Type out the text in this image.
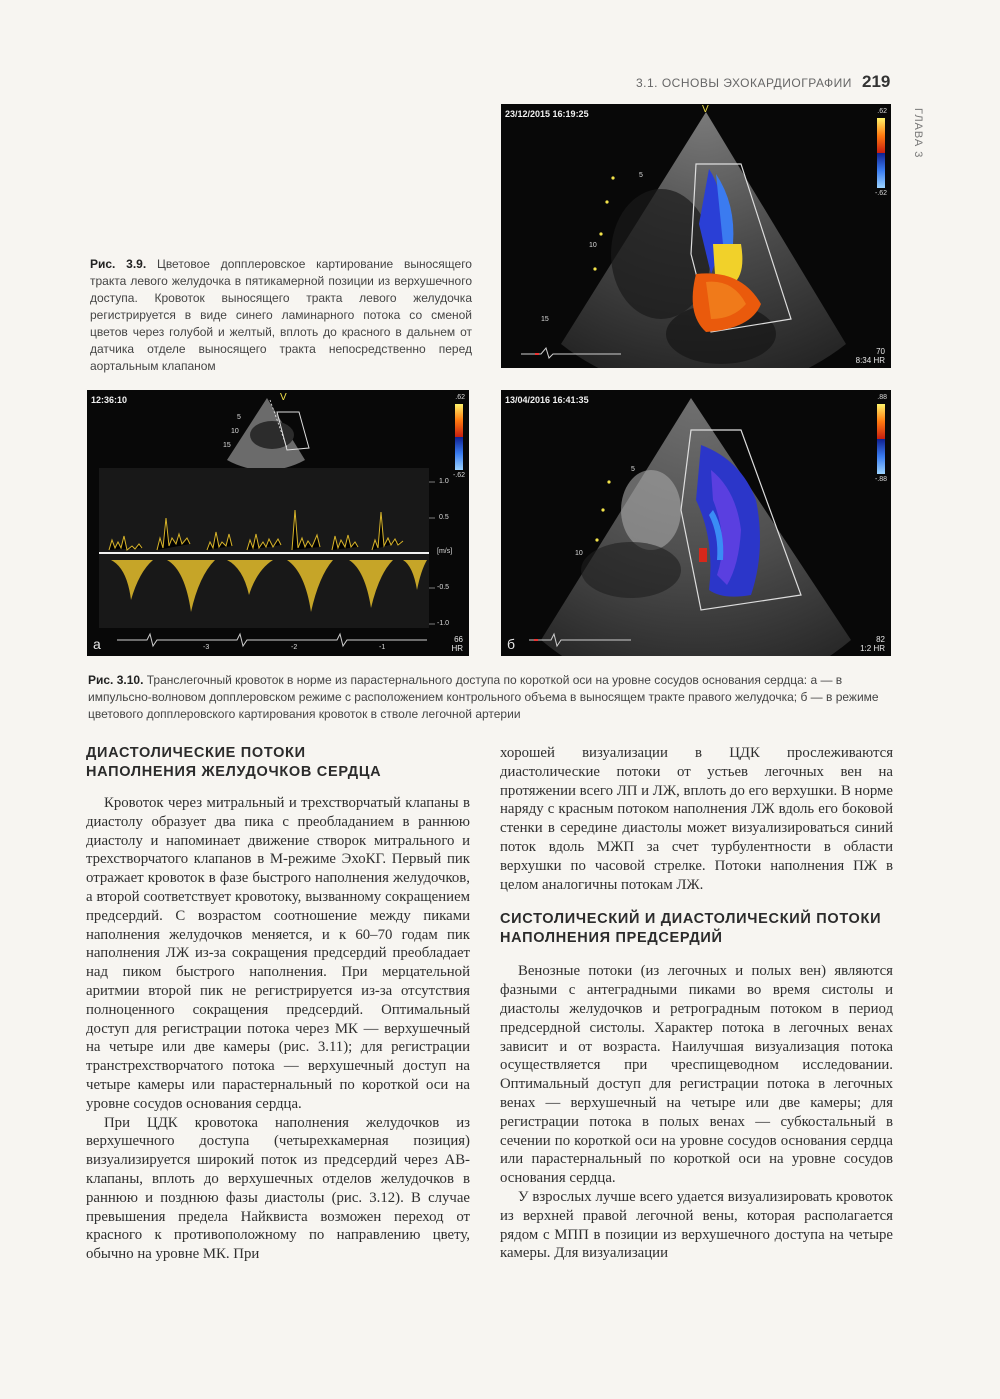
3.1. ОСНОВЫ ЭХОКАРДИОГРАФИИ 219
ГЛАВА 3
Рис. 3.9. Цветовое допплеровское картирование выносящего тракта левого желудочка в пятикамерной позиции из верхушечного доступа. Кровоток выносящего тракта левого желудочка регистрируется в виде синего ламинарного потока со сменой цветов через голубой и желтый, вплоть до красного в дальнем от датчика отделе выносящего тракта непосредственно перед аортальным клапаном
V
23/12/2015 16:19:25	.62
-.62
5
10
15
70
8:34 HR
V
12:36:10	.62
-.62
5
10
15
1.0
0.5
[m/s]
-0.5
-1.0
-3	-2	-1
а	66
HR
13/04/2016 16:41:35	.88
-.88
5
10
б	82
1:2 HR
Рис. 3.10. Транслегочный кровоток в норме из парастернального доступа по короткой оси на уровне сосудов основания сердца: а — в импульсно-волновом допплеровском режиме с расположением контрольного объема в выносящем тракте правого желудочка; б — в режиме цветового допплеровского картирования кровоток в стволе легочной артерии
ДИАСТОЛИЧЕСКИЕ ПОТОКИ НАПОЛНЕНИЯ ЖЕЛУДОЧКОВ СЕРДЦА

Кровоток через митральный и трехстворчатый клапаны в диастолу образует два пика с преобладанием в раннюю диастолу и напоминает движение створок митрального и трехстворчатого клапанов в М-режиме ЭхоКГ. Первый пик отражает кровоток в фазе быстрого наполнения желудочков, а второй соответствует кровотоку, вызванному сокращением предсердий. С возрастом соотношение между пиками наполнения желудочков меняется, и к 60–70 годам пик наполнения ЛЖ из-за сокращения предсердий преобладает над пиком быстрого наполнения. При мерцательной аритмии второй пик не регистрируется из-за отсутствия полноценного сокращения предсердий. Оптимальный доступ для регистрации потока через МК — верхушечный на четыре или две камеры (рис. 3.11); для регистрации транстрехстворчатого потока — верхушечный доступ на четыре камеры или парастернальный по короткой оси на уровне сосудов основания сердца.

При ЦДК кровотока наполнения желудочков из верхушечного доступа (четырехкамерная позиция) визуализируется широкий поток из предсердий через АВ-клапаны, вплоть до верхушечных отделов желудочков в раннюю и позднюю фазы диастолы (рис. 3.12). В случае превышения предела Найквиста возможен переход от красного к противоположному по направлению цвету, обычно на уровне МК. При

хорошей визуализации в ЦДК прослеживаются диастолические потоки от устьев легочных вен на протяжении всего ЛП и ЛЖ, вплоть до его верхушки. В норме наряду с красным потоком наполнения ЛЖ вдоль его боковой стенки в середине диастолы может визуализироваться синий поток вдоль МЖП за счет турбулентности в области верхушки по часовой стрелке. Потоки наполнения ПЖ в целом аналогичны потокам ЛЖ.

СИСТОЛИЧЕСКИЙ И ДИАСТОЛИЧЕСКИЙ ПОТОКИ НАПОЛНЕНИЯ ПРЕДСЕРДИЙ

Венозные потоки (из легочных и полых вен) являются фазными с антеградными пиками во время систолы и диастолы желудочков и ретроградным потоком в период предсердной систолы. Характер потока в легочных венах зависит и от возраста. Наилучшая визуализация потока осуществляется при чреспищеводном исследовании. Оптимальный доступ для регистрации потока в легочных венах — верхушечный на четыре или две камеры; для регистрации потока в полых венах — субкостальный в сечении по короткой оси на уровне сосудов основания сердца или парастернальный по короткой оси на уровне сосудов основания сердца.

У взрослых лучше всего удается визуализировать кровоток из верхней правой легочной вены, которая располагается рядом с МПП в позиции из верхушечного доступа на четыре камеры. Для визуализации
